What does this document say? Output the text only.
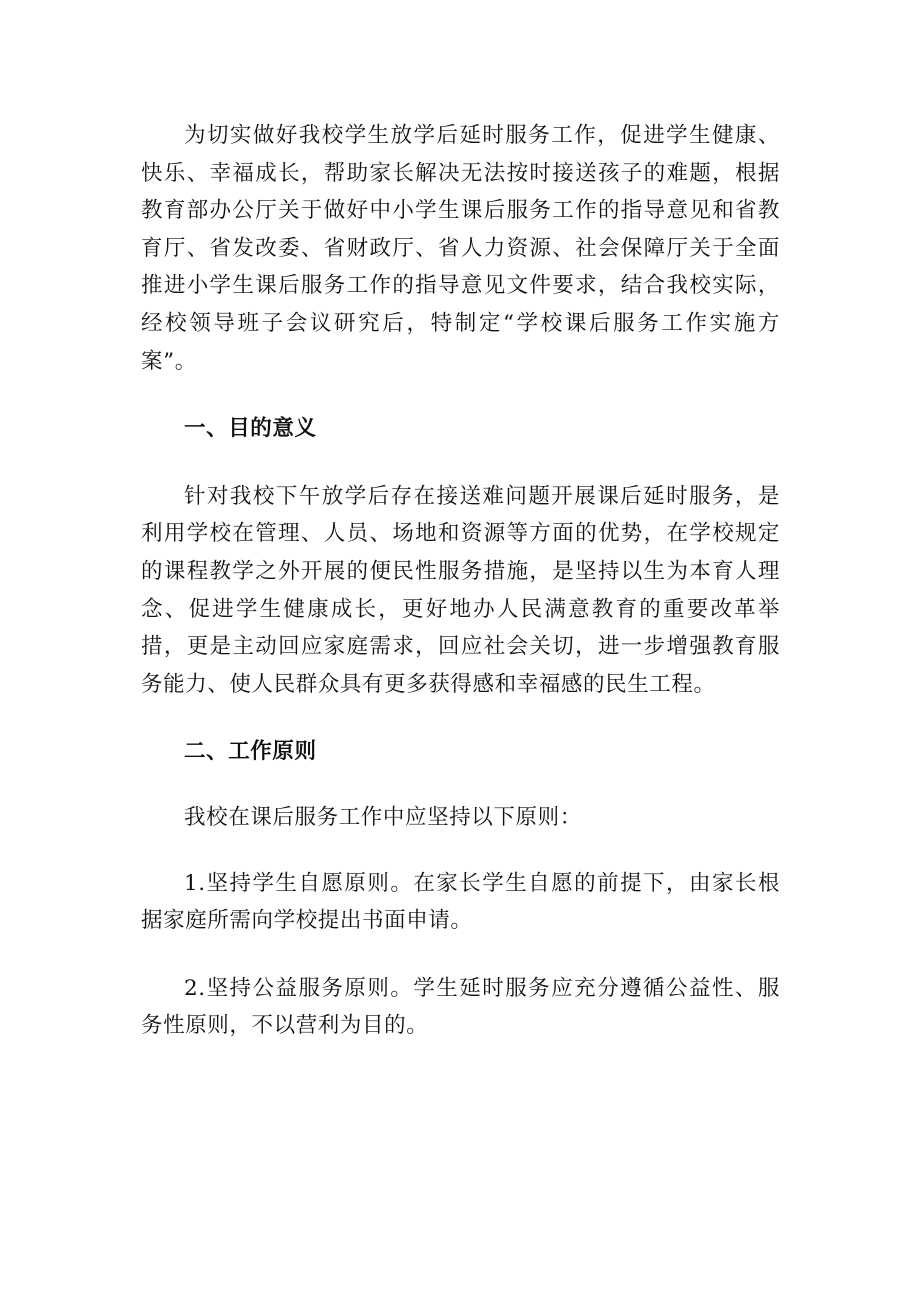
为切实做好我校学生放学后延时服务工作，促进学生健康、快乐、幸福成长，帮助家长解决无法按时接送孩子的难题，根据教育部办公厅关于做好中小学生课后服务工作的指导意见和省教育厅、省发改委、省财政厅、省人力资源、社会保障厅关于全面推进小学生课后服务工作的指导意见文件要求，结合我校实际，经校领导班子会议研究后，特制定“学校课后服务工作实施方案”。

一、目的意义

针对我校下午放学后存在接送难问题开展课后延时服务，是利用学校在管理、人员、场地和资源等方面的优势，在学校规定的课程教学之外开展的便民性服务措施，是坚持以生为本育人理念、促进学生健康成长，更好地办人民满意教育的重要改革举措，更是主动回应家庭需求，回应社会关切，进一步增强教育服务能力、使人民群众具有更多获得感和幸福感的民生工程。

二、工作原则

我校在课后服务工作中应坚持以下原则：

1.坚持学生自愿原则。在家长学生自愿的前提下，由家长根据家庭所需向学校提出书面申请。

2.坚持公益服务原则。学生延时服务应充分遵循公益性、服务性原则，不以营利为目的。
